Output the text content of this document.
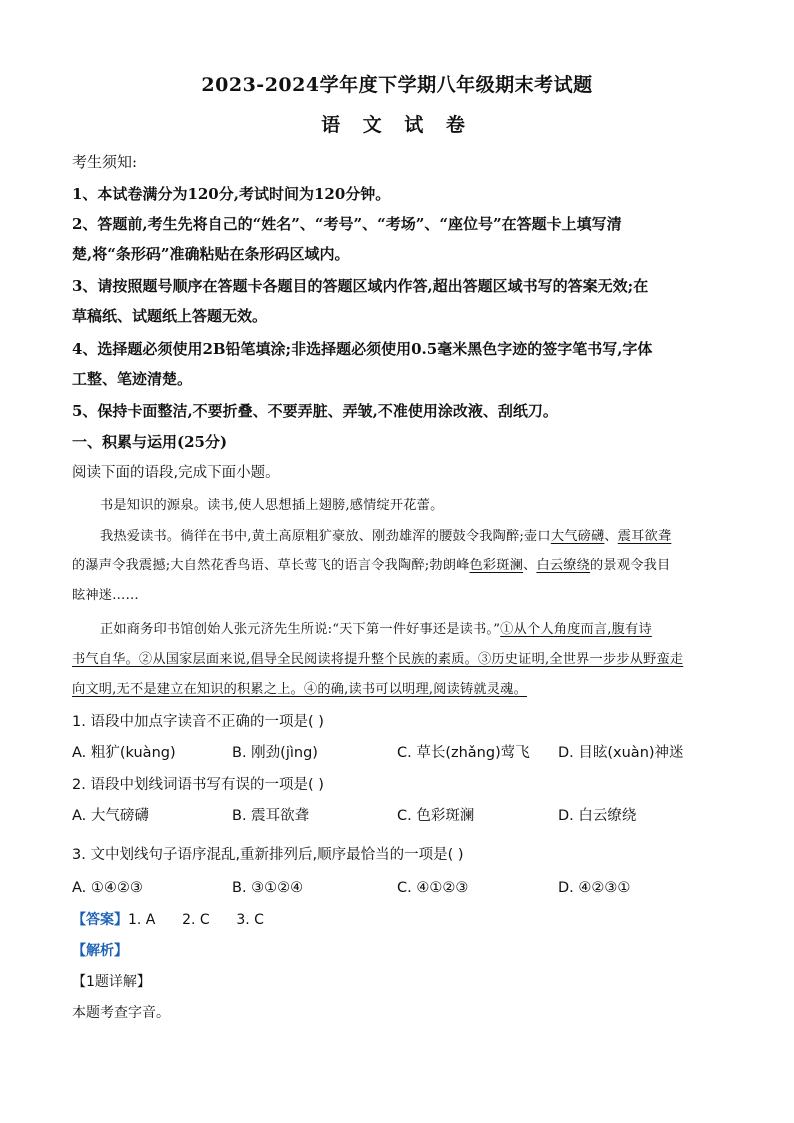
2023-2024学年度下学期八年级期末考试题
语 文 试 卷
考生须知:
1、本试卷满分为120分,考试时间为120分钟。
2、答题前,考生先将自己的“姓名”、“考号”、“考场”、“座位号”在答题卡上填写清
楚,将“条形码”准确粘贴在条形码区域内。
3、请按照题号顺序在答题卡各题目的答题区域内作答,超出答题区域书写的答案无效;在
草稿纸、试题纸上答题无效。
4、选择题必须使用2B铅笔填涂;非选择题必须使用0.5毫米黑色字迹的签字笔书写,字体
工整、笔迹清楚。
5、保持卡面整洁,不要折叠、不要弄脏、弄皱,不准使用涂改液、刮纸刀。
一、积累与运用(25分)
阅读下面的语段,完成下面小题。
书是知识的源泉。读书,使人思想插上翅膀,感情绽开花蕾。
我热爱读书。徜徉在书中,黄土高原粗犷豪放、刚劲雄浑的腰鼓令我陶醉;壶口大气磅礴、震耳欲聋
的瀑声令我震撼;大自然花香鸟语、草长莺飞的语言令我陶醉;勃朗峰色彩斑澜、白云缭绕的景观令我目
眩神迷……
正如商务印书馆创始人张元济先生所说:“天下第一件好事还是读书。”①从个人角度而言,腹有诗
书气自华。②从国家层面来说,倡导全民阅读将提升整个民族的素质。③历史证明,全世界一步步从野蛮走
向文明,无不是建立在知识的积累之上。④的确,读书可以明理,阅读铸就灵魂。
1. 语段中加点字读音不正确的一项是( )
A. 粗犷(kuàng)	B. 刚劲(jìng)	C. 草长(zhǎng)莺飞 D. 目眩(xuàn)神迷
2. 语段中划线词语书写有误的一项是( )
A. 大气磅礴	B. 震耳欲聋	C. 色彩斑澜	D. 白云缭绕
3. 文中划线句子语序混乱,重新排列后,顺序最恰当的一项是( )
A. ①④②③	B. ③①②④	C. ④①②③	D. ④②③①
【答案】1. A      2. C      3. C
【解析】
【1题详解】
本题考查字音。
